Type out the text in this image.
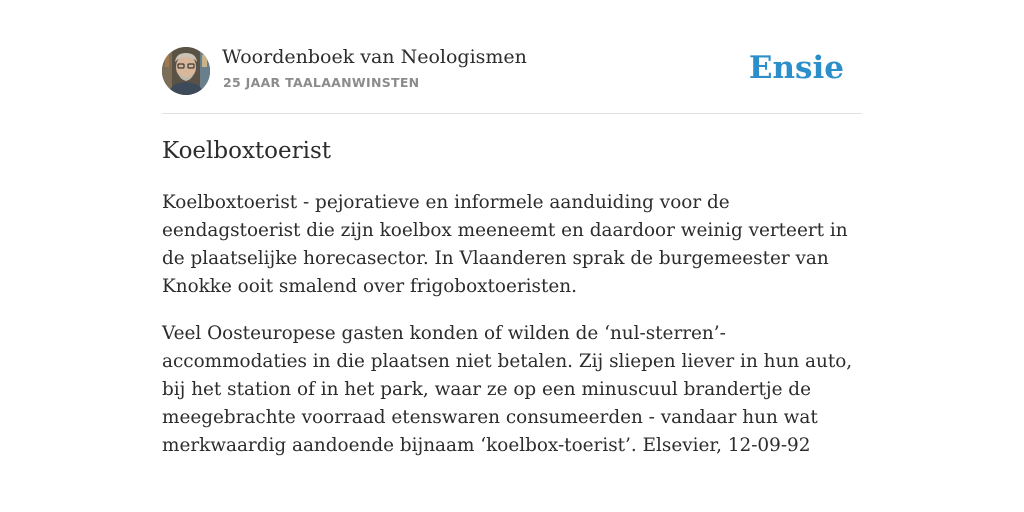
Woordenboek van Neologismen
25 JAAR TAALAANWINSTEN	Ensie
Koelboxtoerist

Koelboxtoerist - pejoratieve en informele aanduiding voor de eendagstoerist die zijn koelbox meeneemt en daardoor weinig verteert in de plaatselijke horecasector. In Vlaanderen sprak de burgemeester van Knokke ooit smalend over frigoboxtoeristen.

Veel Oosteuropese gasten konden of wilden de ‘nul-sterren’-accommodaties in die plaatsen niet betalen. Zij sliepen liever in hun auto, bij het station of in het park, waar ze op een minuscuul brandertje de meegebrachte voorraad etenswaren consumeerden - vandaar hun wat merkwaardig aandoende bijnaam ‘koelbox-toerist’. Elsevier, 12-09-92
